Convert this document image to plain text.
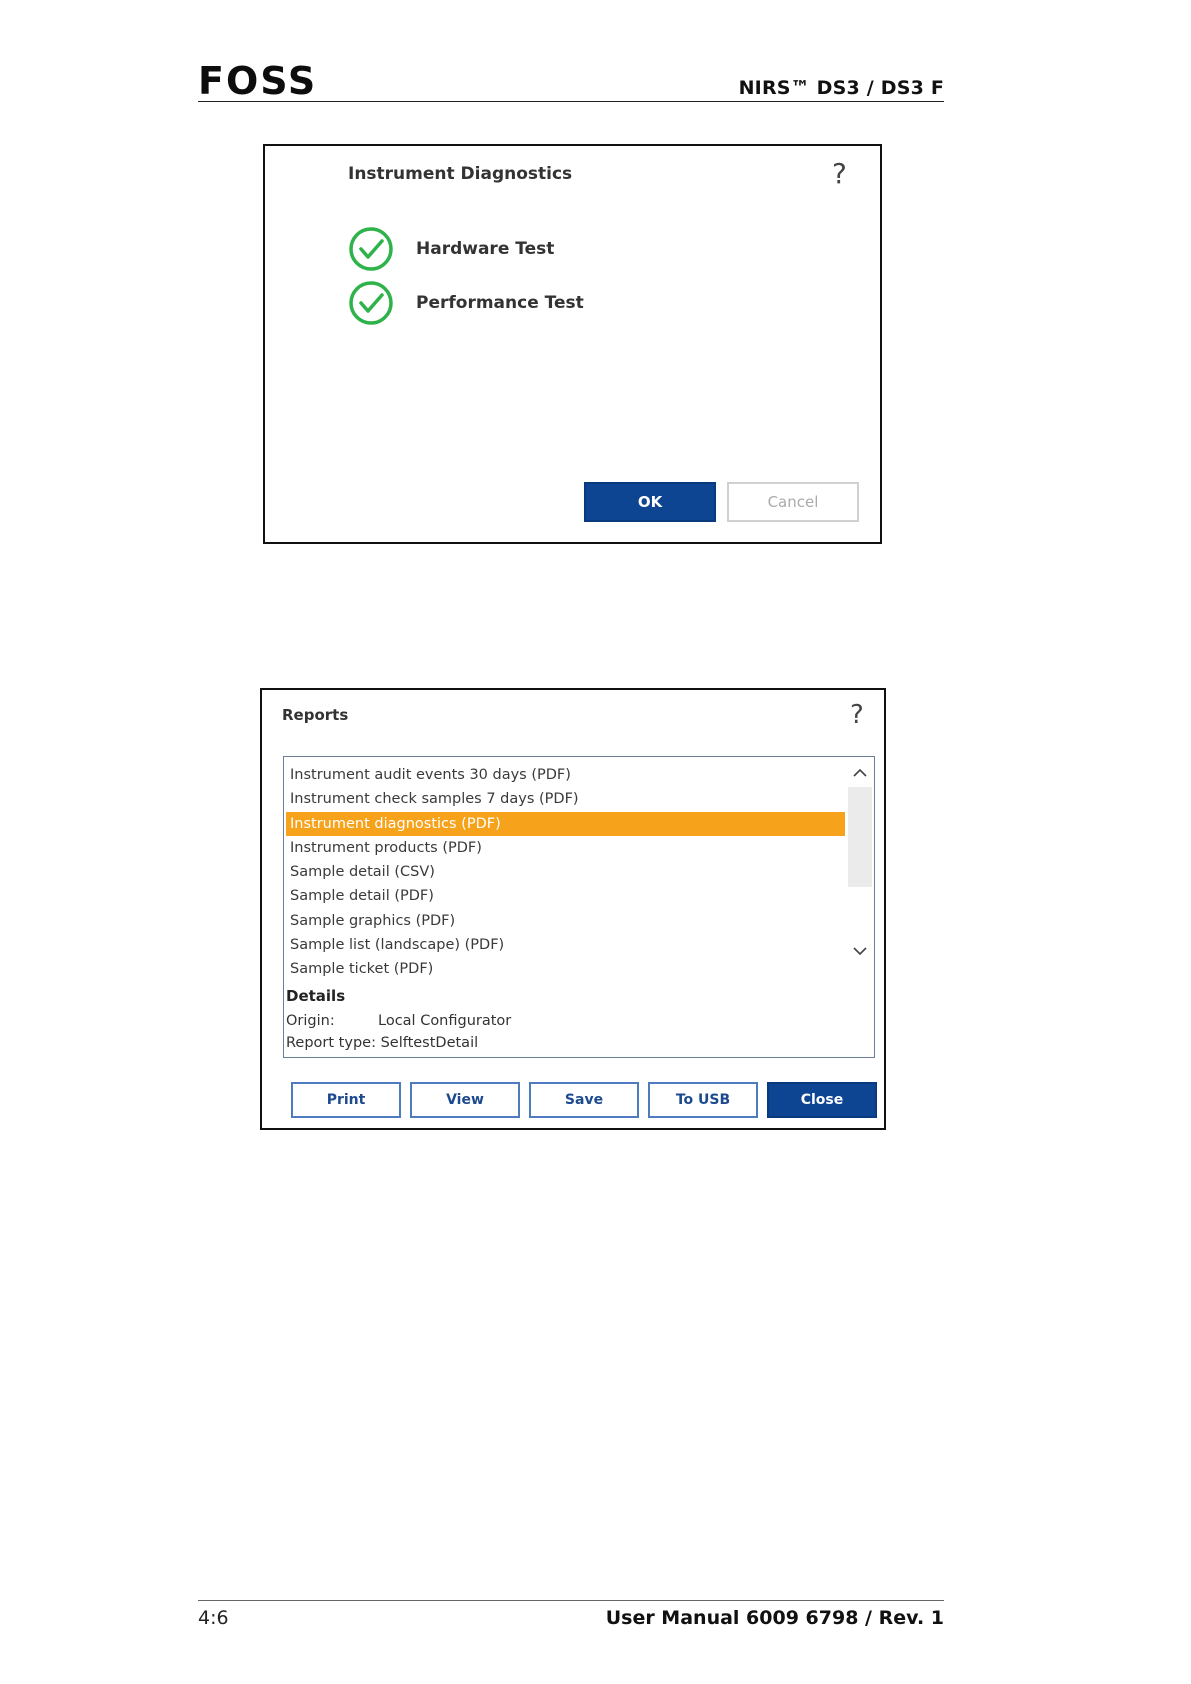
FOSS	NIRS™ DS3 / DS3 F
Instrument Diagnostics	?
Hardware Test
Performance Test
OK	Cancel
Reports	?
Instrument audit events 30 days (PDF)
Instrument check samples 7 days (PDF)
Instrument diagnostics (PDF)
Instrument products (PDF)
Sample detail (CSV)
Sample detail (PDF)
Sample graphics (PDF)
Sample list (landscape) (PDF)
Sample ticket (PDF)
Details
Origin:	Local Configurator
Report type: SelftestDetail
Print	View	Save	To USB	Close
4:6	User Manual 6009 6798 / Rev. 1
